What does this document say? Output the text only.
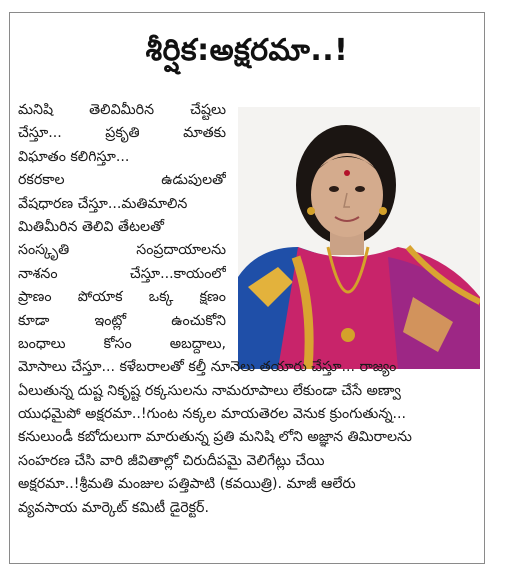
శీర్షిక:అక్షరమా..!
మనిషి	తెలివిమీరిన	చేష్టలు
చేస్తూ...	ప్రకృతి	మాతకు
విఘాతం కలిగిస్తూ...
రకరకాల	ఉడుపులతో
వేషధారణ చేస్తూ...మతిమాలిన
మితిమీరిన తెలివి తేటలతో
సంస్కృతి	సంప్రదాయాలను
నాశనం	చేస్తూ...కాయంలో
ప్రాణం పోయాక ఒక్క క్షణం
కూడా	ఇంట్లో	ఉంచుకోని
బంధాలు	కోసం	అబద్దాలు,
మోసాలు చేస్తూ... కళేబరాలతో కల్తీ నూనెలు తయారు చేస్తూ... రాజ్యం
ఏలుతున్న దుష్ట నికృష్ట రక్కసులను నామరూపాలు లేకుండా చేసే అణ్వా
యుధమైపో అక్షరమా..!గుంట నక్కల మాయతెరల వెనుక క్రుంగుతున్న...
కనులుండీ కబోదులుగా మారుతున్న ప్రతి మనిషి లోని అజ్ఞాన తిమిరాలను
సంహరణ చేసి వారి జీవితాల్లో చిరుదీపమై వెలిగేట్లు చేయి
అక్షరమా..!శ్రీమతి మంజుల పత్తిపాటి (కవయిత్రి). మాజీ ఆలేరు
వ్యవసాయ మార్కెట్ కమిటీ డైరెక్టర్.
